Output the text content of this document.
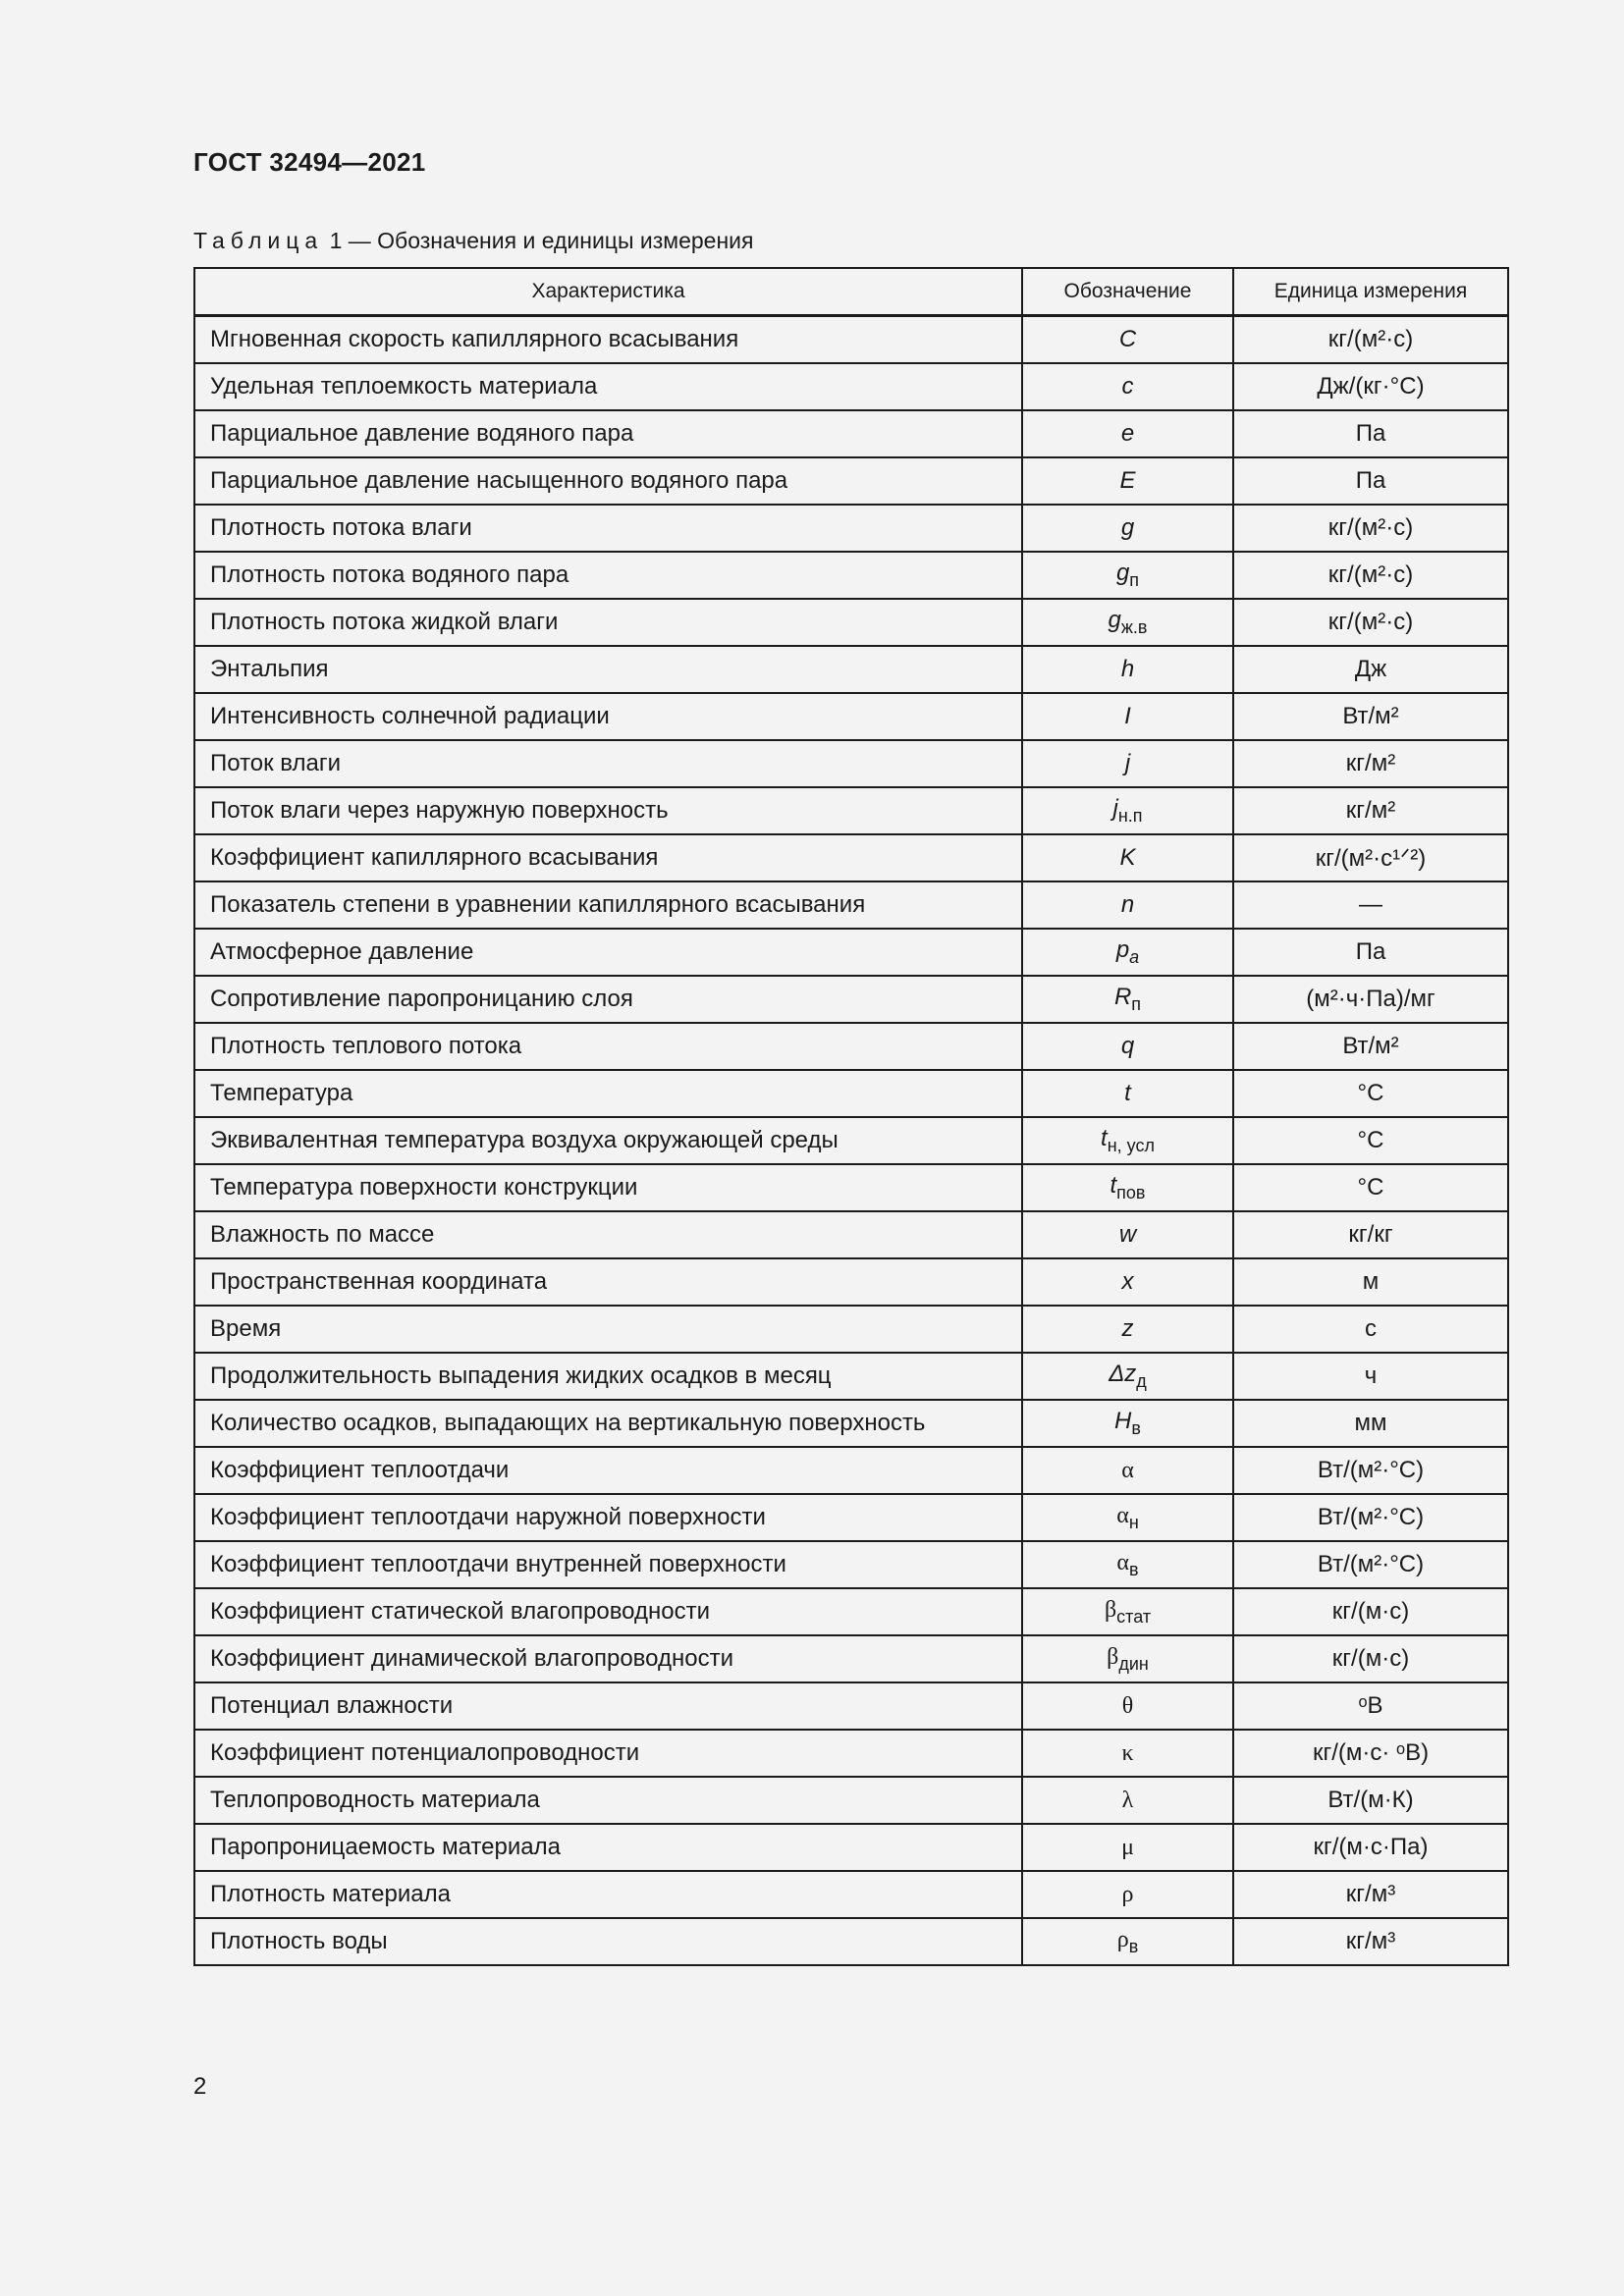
ГОСТ 32494—2021
Таблица 1 — Обозначения и единицы измерения
Характеристика	Обозначение	Единица измерения
Мгновенная скорость капиллярного всасывания	C	кг/(м²·с)
Удельная теплоемкость материала	c	Дж/(кг·°С)
Парциальное давление водяного пара	e	Па
Парциальное давление насыщенного водяного пара	E	Па
Плотность потока влаги	g	кг/(м²·с)
Плотность потока водяного пара	$g_п$	кг/(м²·с)
Плотность потока жидкой влаги	$g_{ж.в}$	кг/(м²·с)
Энтальпия	h	Дж
Интенсивность солнечной радиации	I	Вт/м²
Поток влаги	j	кг/м²
Поток влаги через наружную поверхность	$j_{н.п}$	кг/м²
Коэффициент капиллярного всасывания	K	кг/(м²·с¹ᐟ²)
Показатель степени в уравнении капиллярного всасывания	n	—
Атмосферное давление	$p_a$	Па
Сопротивление паропроницанию слоя	$R_п$	(м²·ч·Па)/мг
Плотность теплового потока	q	Вт/м²
Температура	t	°С
Эквивалентная температура воздуха окружающей среды	$t_{н, усл}$	°С
Температура поверхности конструкции	$t_{пов}$	°С
Влажность по массе	w	кг/кг
Пространственная координата	x	м
Время	z	с
Продолжительность выпадения жидких осадков в месяц	$\Delta z_д$	ч
Количество осадков, выпадающих на вертикальную поверхность	$H_в$	мм
Коэффициент теплоотдачи	α	Вт/(м²·°С)
Коэффициент теплоотдачи наружной поверхности	$\alpha_н$	Вт/(м²·°С)
Коэффициент теплоотдачи внутренней поверхности	$\alpha_в$	Вт/(м²·°С)
Коэффициент статической влагопроводности	$\beta_{стат}$	кг/(м·с)
Коэффициент динамической влагопроводности	$\beta_{дин}$	кг/(м·с)
Потенциал влажности	θ	ᵒВ
Коэффициент потенциалопроводности	κ	кг/(м·с· ᵒВ)
Теплопроводность материала	λ	Вт/(м·К)
Паропроницаемость материала	μ	кг/(м·с·Па)
Плотность материала	ρ	кг/м³
Плотность воды	$\rho_в$	кг/м³
2
